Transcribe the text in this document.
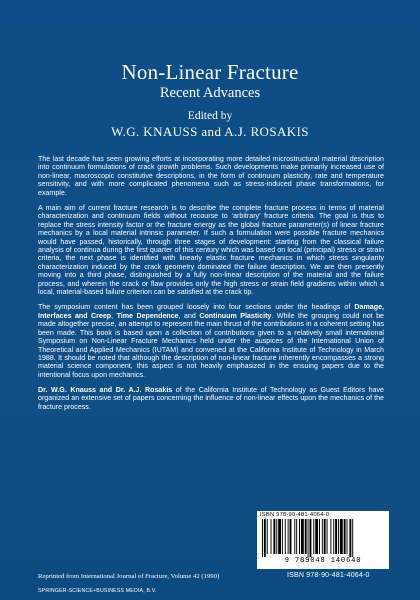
Non-Linear Fracture
Recent Advances
Edited by
W.G. KNAUSS and A.J. ROSAKIS

The last decade has seen growing efforts at incorporating more detailed microstructural material description into continuum formulations of crack growth problems. Such developments make primarily increased use of non-linear, macroscopic constitutive descriptions, in the form of continuum plasticity, rate and temperature sensitivity, and with more complicated phenomena such as stress-induced phase transformations, for example.

A main aim of current fracture research is to describe the complete fracture process in terms of material characterization and continuum fields without recourse to ‘arbitrary’ fracture criteria. The goal is thus to replace the stress intensity factor or the fracture energy as the global fracture parameter(s) of linear fracture mechanics by a local material intrinsic parameter. If such a formulation were possible fracture mechanics would have passed, historically, through three stages of development: starting from the classical failure analysis of continua during the first quarter of this century which was based on local (principal) stress or strain criteria, the next phase is identified with linearly elastic fracture mechanics in which stress singularity characterization induced by the crack geometry dominated the failure description. We are then presently moving into a third phase, distinguished by a fully non-linear description of the material and the failure process, and wherein the crack or flaw provides only the high stress or strain field gradients within which a local, material-based failure criterion can be satisfied at the crack tip.

The symposium content has been grouped loosely into four sections under the headings of Damage, Interfaces and Creep, Time Dependence, and Continuum Plasticity. While the grouping could not be made altogether precise, an attempt to represent the main thrust of the contributions in a coherent setting has been made. This book is based upon a collection of contributions given to a relatively small international Symposium on Non-Linear Fracture Mechanics held under the auspices of the International Union of Theoretical and Applied Mechanics (IUTAM) and convened at the California Institute of Technology in March 1988. It should be noted that although the description of non-linear fracture inherently encompasses a strong material science component, this aspect is not heavily emphasized in the ensuing papers due to the intentional focus upon mechanics.

Dr. W.G. Knauss and Dr. A.J. Rosakis of the California Institute of Technology as Guest Editors have organized an extensive set of papers concerning the influence of non-linear effects upon the mechanics of the fracture process.

ISBN 978-90-481-4064-0
9 789048 140640
Reprinted from International Journal of Fracture, Volume 42 (1990)
SPRINGER-SCIENCE+BUSINESS MEDIA, B.V.
ISBN 978-90-481-4064-0
